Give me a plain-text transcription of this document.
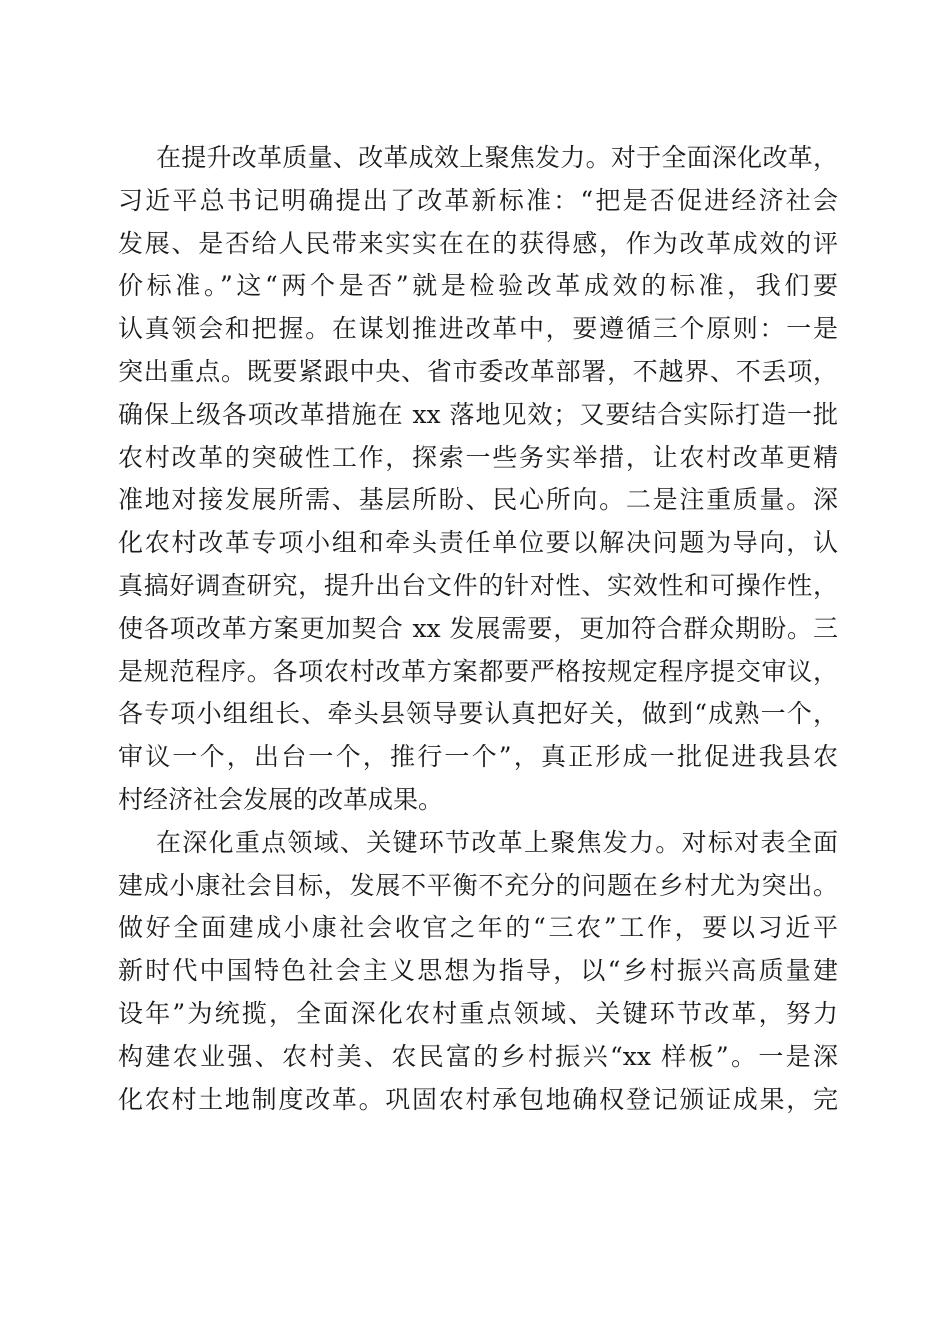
在提升改革质量、改革成效上聚焦发力。对于全面深化改革，
习近平总书记明确提出了改革新标准：“把是否促进经济社会
发展、是否给人民带来实实在在的获得感，作为改革成效的评
价标准。”这“两个是否”就是检验改革成效的标准，我们要
认真领会和把握。在谋划推进改革中，要遵循三个原则：一是
突出重点。既要紧跟中央、省市委改革部署，不越界、不丢项，
确保上级各项改革措施在 xx 落地见效；又要结合实际打造一批
农村改革的突破性工作，探索一些务实举措，让农村改革更精
准地对接发展所需、基层所盼、民心所向。二是注重质量。深
化农村改革专项小组和牵头责任单位要以解决问题为导向，认
真搞好调查研究，提升出台文件的针对性、实效性和可操作性，
使各项改革方案更加契合 xx 发展需要，更加符合群众期盼。三
是规范程序。各项农村改革方案都要严格按规定程序提交审议，
各专项小组组长、牵头县领导要认真把好关，做到“成熟一个，
审议一个，出台一个，推行一个”，真正形成一批促进我县农
村经济社会发展的改革成果。
在深化重点领域、关键环节改革上聚焦发力。对标对表全面
建成小康社会目标，发展不平衡不充分的问题在乡村尤为突出。
做好全面建成小康社会收官之年的“三农”工作，要以习近平
新时代中国特色社会主义思想为指导，以“乡村振兴高质量建
设年”为统揽，全面深化农村重点领域、关键环节改革，努力
构建农业强、农村美、农民富的乡村振兴“xx 样板”。一是深
化农村土地制度改革。巩固农村承包地确权登记颁证成果，完
